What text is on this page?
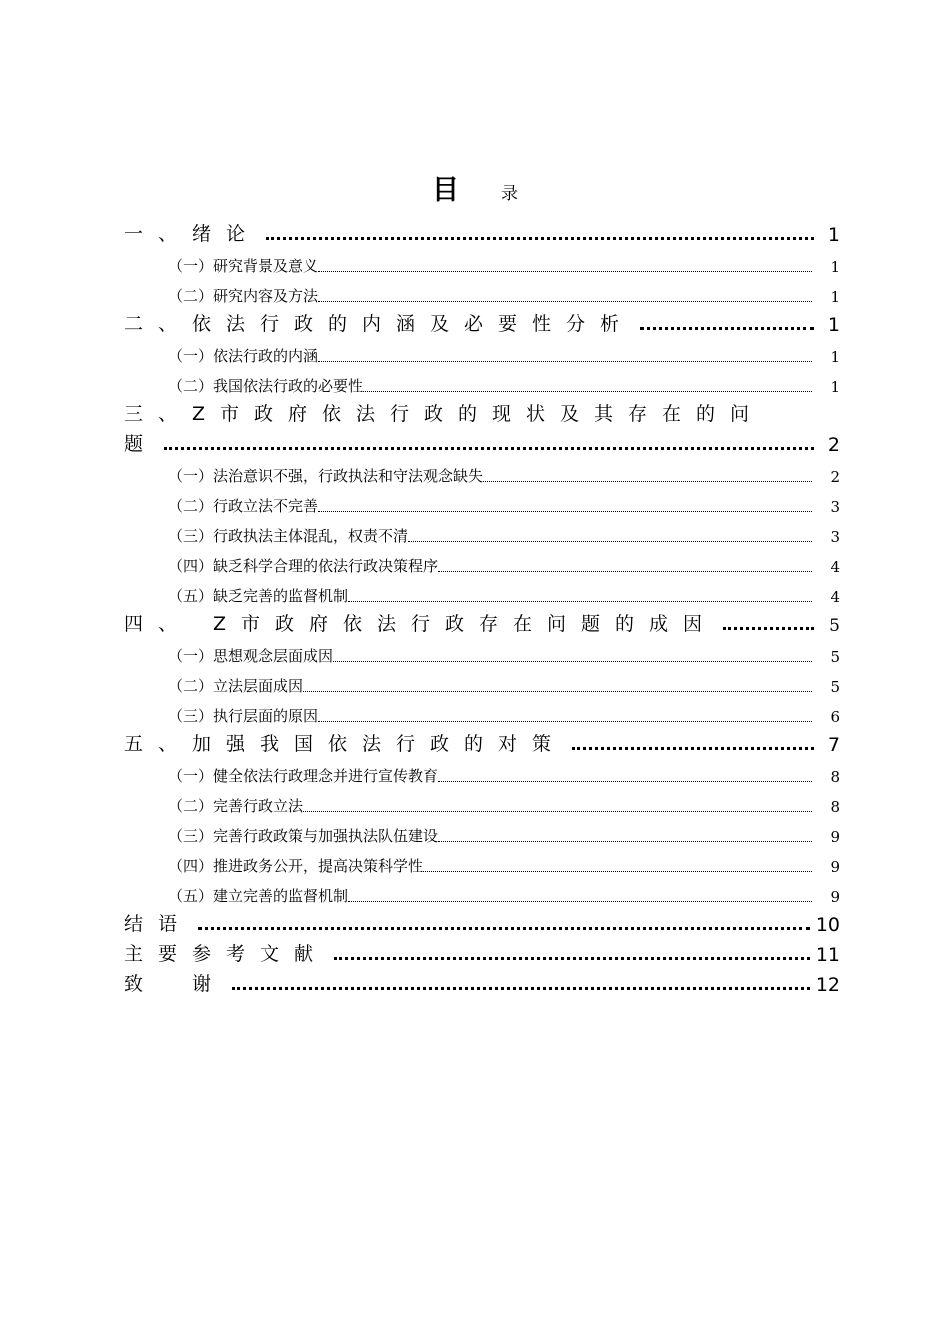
目 录
一、绪论	1
（一）研究背景及意义	1
（二）研究内容及方法	1
二、依法行政的内涵及必要性分析	1
（一）依法行政的内涵	1
（二）我国依法行政的必要性	1
三、Z市政府依法行政的现状及其存在的问
题	2
（一）法治意识不强，行政执法和守法观念缺失	2
（二）行政立法不完善	3
（三）行政执法主体混乱，权责不清	3
（四）缺乏科学合理的依法行政决策程序	4
（五）缺乏完善的监督机制	4
四、 Z市政府依法行政存在问题的成因	5
（一）思想观念层面成因	5
（二）立法层面成因	5
（三）执行层面的原因	6
五、加强我国依法行政的对策	7
（一）健全依法行政理念并进行宣传教育	8
（二）完善行政立法	8
（三）完善行政政策与加强执法队伍建设	9
（四）推进政务公开，提高决策科学性	9
（五）建立完善的监督机制	9
结语	10
主要参考文献	11
致　谢	12
